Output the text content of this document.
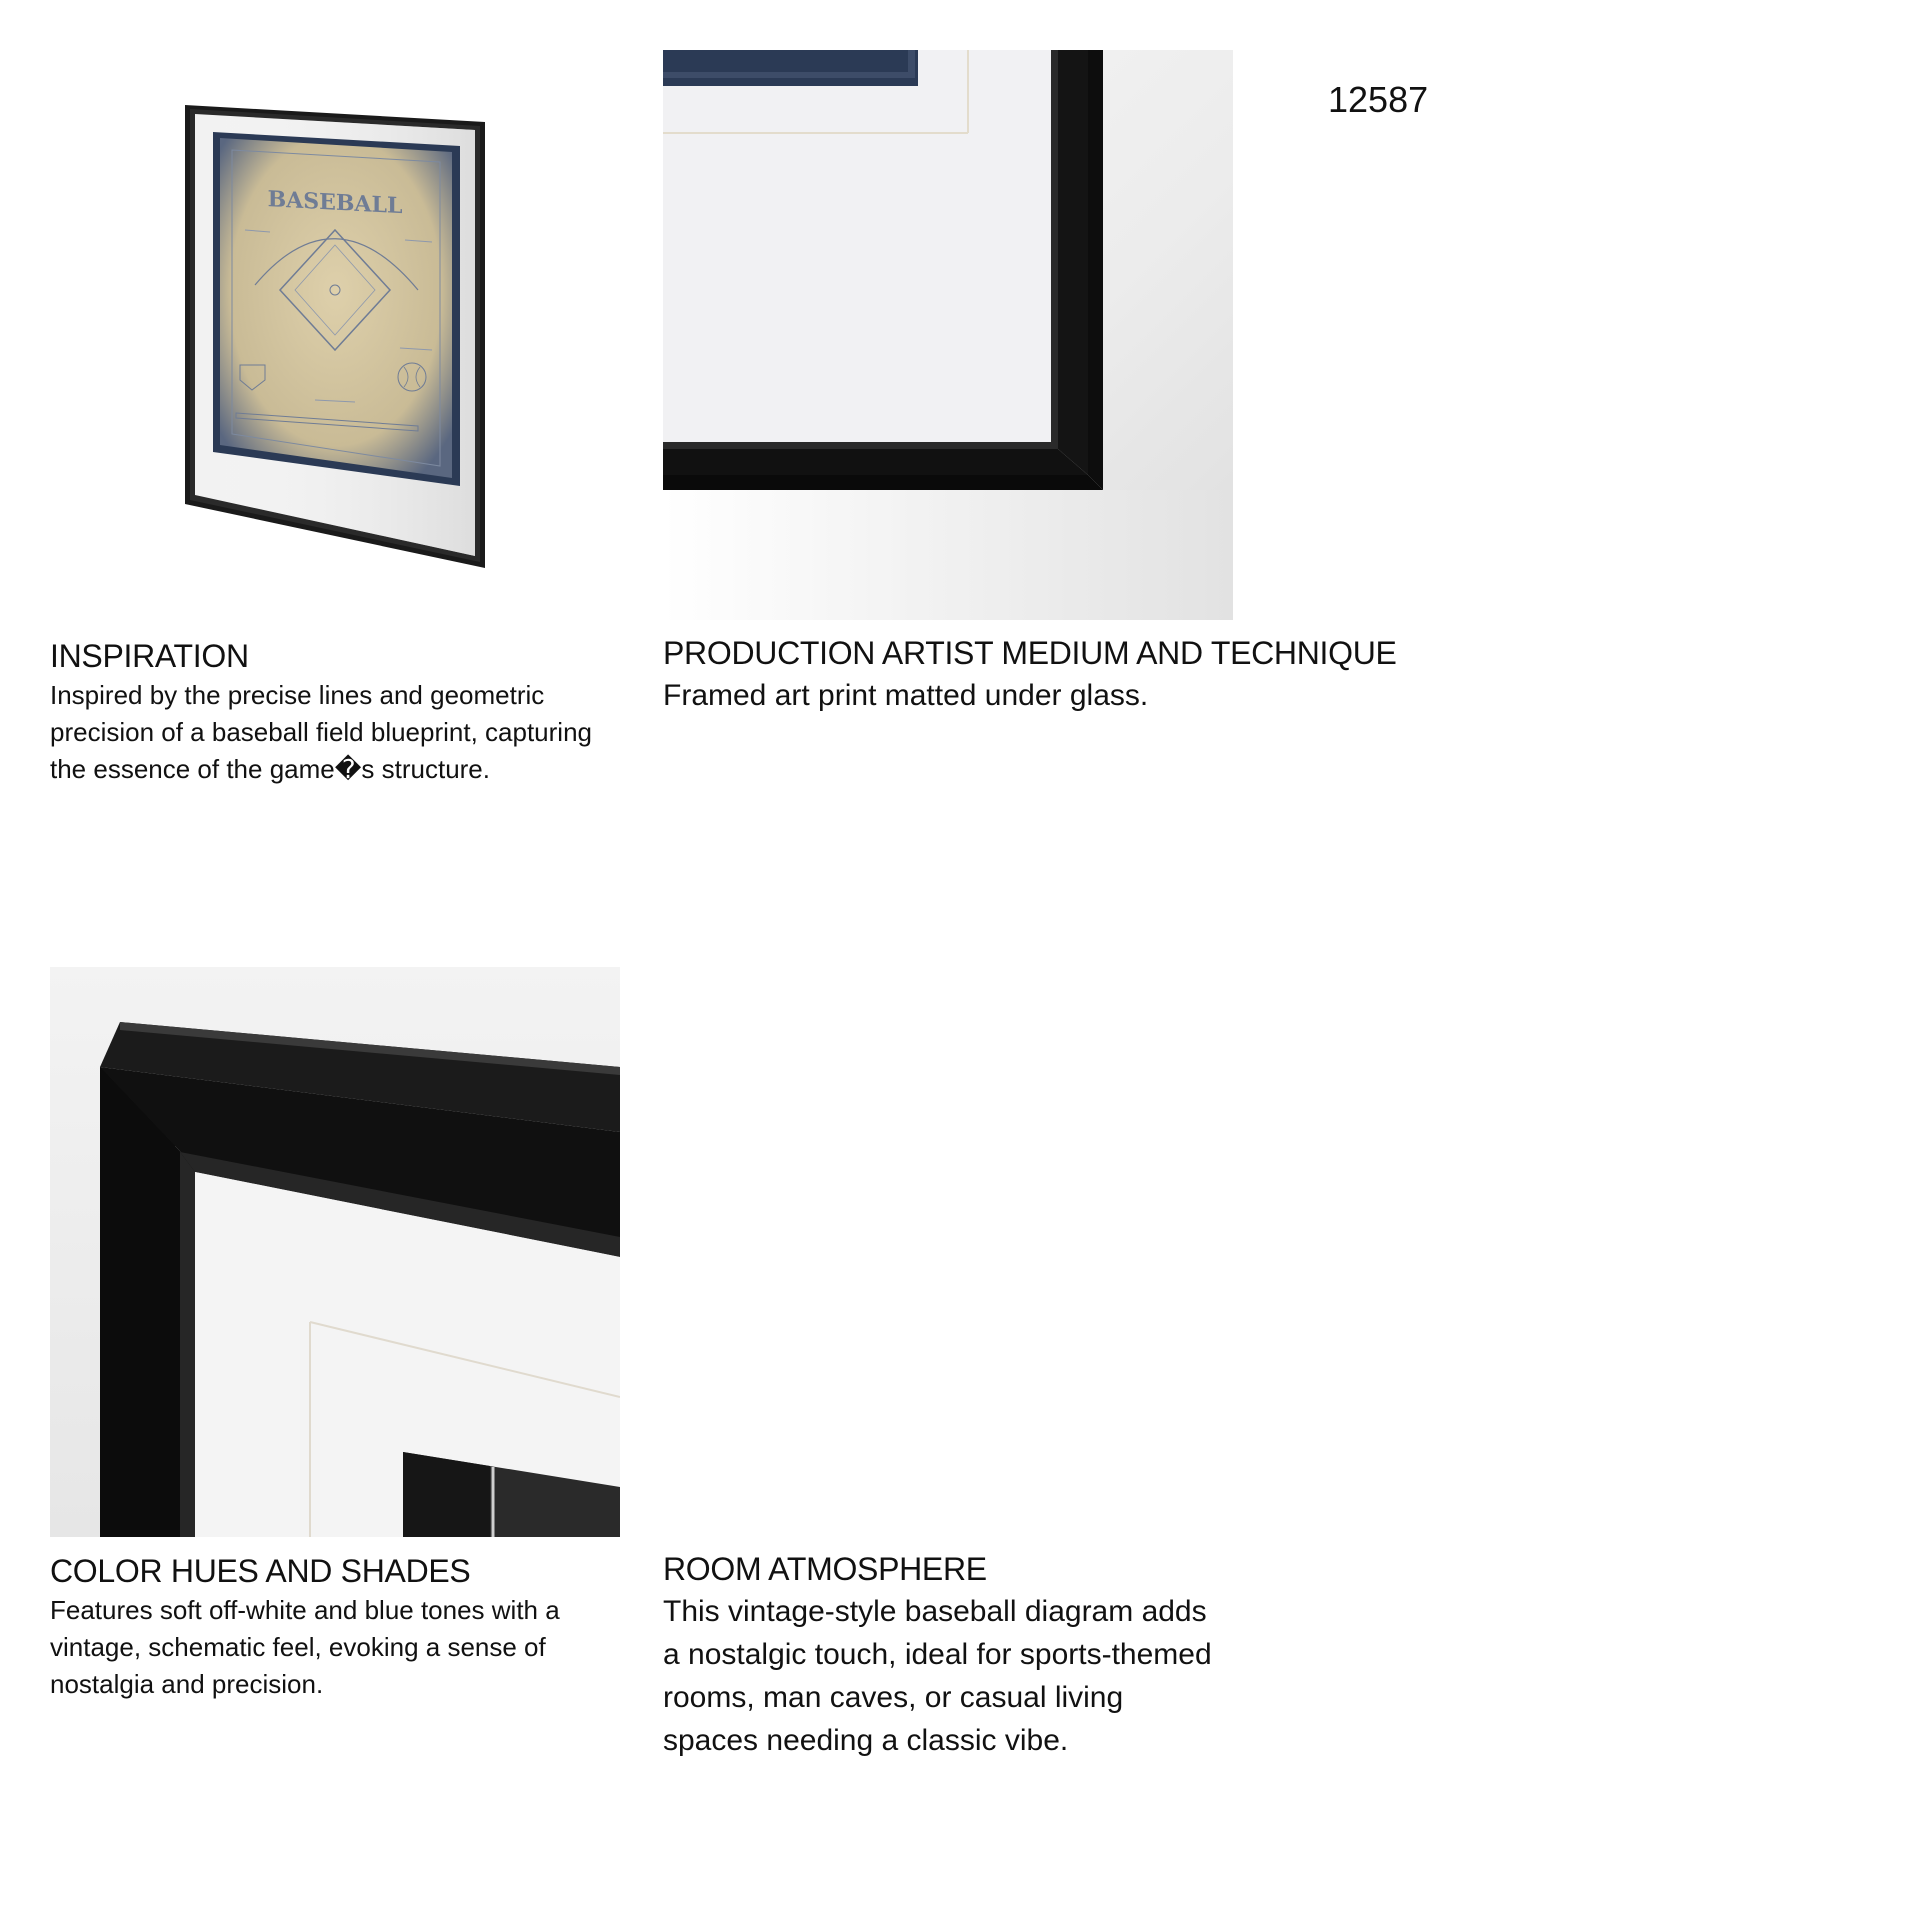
12587
BASEBALL
INSPIRATION
Inspired by the precise lines and geometric precision of a baseball field blueprint, capturing the essence of the game�s structure.
PRODUCTION ARTIST MEDIUM AND TECHNIQUE
Framed art print matted under glass.
COLOR HUES AND SHADES
Features soft off-white and blue tones with a vintage, schematic feel, evoking a sense of nostalgia and precision.
ROOM ATMOSPHERE
This vintage-style baseball diagram adds a nostalgic touch, ideal for sports-themed rooms, man caves, or casual living spaces needing a classic vibe.
